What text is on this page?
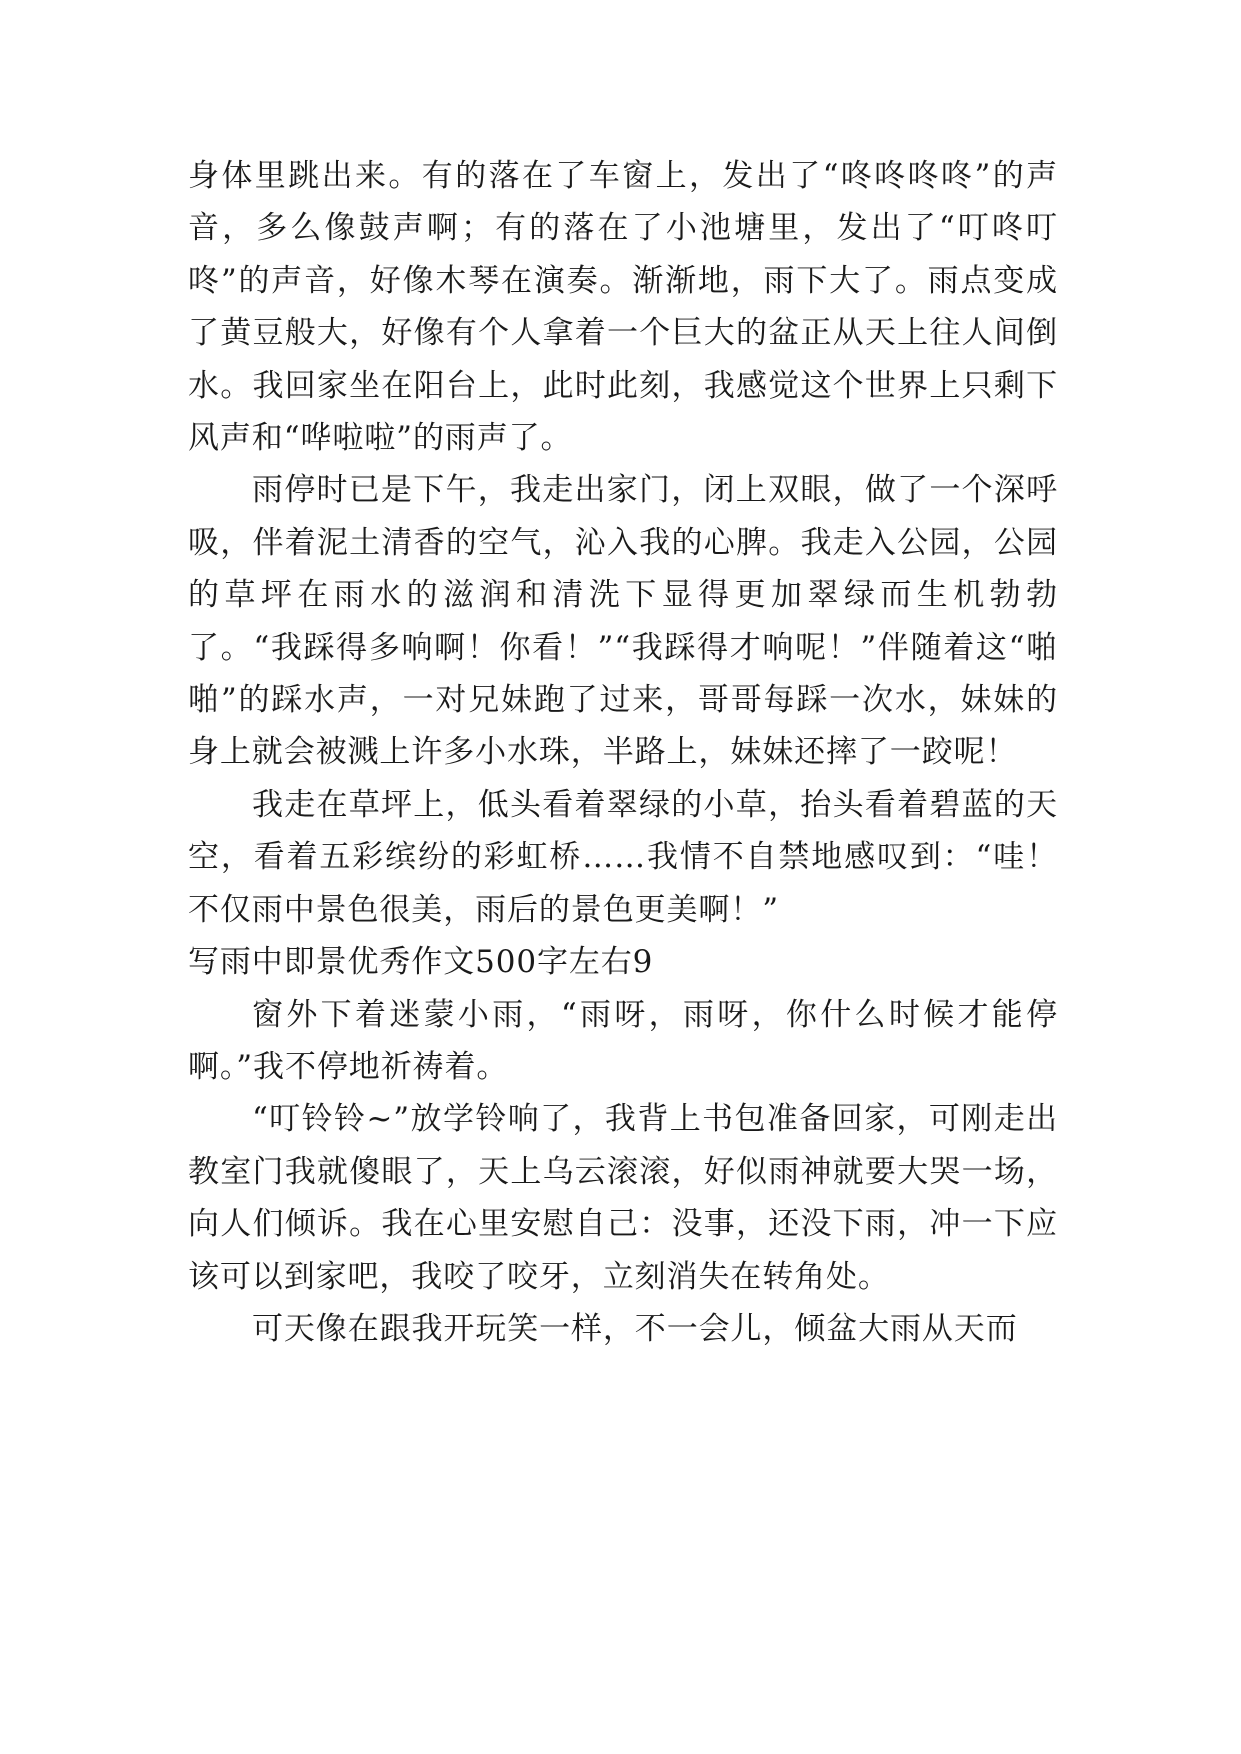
身体里跳出来。有的落在了车窗上，发出了“咚咚咚咚”的声音，多么像鼓声啊；有的落在了小池塘里，发出了“叮咚叮咚”的声音，好像木琴在演奏。渐渐地，雨下大了。雨点变成了黄豆般大，好像有个人拿着一个巨大的盆正从天上往人间倒水。我回家坐在阳台上，此时此刻，我感觉这个世界上只剩下风声和“哗啦啦”的雨声了。

雨停时已是下午，我走出家门，闭上双眼，做了一个深呼吸，伴着泥土清香的空气，沁入我的心脾。我走入公园，公园的草坪在雨水的滋润和清洗下显得更加翠绿而生机勃勃了。“我踩得多响啊！你看！”“我踩得才响呢！”伴随着这“啪啪”的踩水声，一对兄妹跑了过来，哥哥每踩一次水，妹妹的身上就会被溅上许多小水珠，半路上，妹妹还摔了一跤呢！

我走在草坪上，低头看着翠绿的小草，抬头看着碧蓝的天空，看着五彩缤纷的彩虹桥……我情不自禁地感叹到：“哇！不仅雨中景色很美，雨后的景色更美啊！”

写雨中即景优秀作文500字左右9

窗外下着迷蒙小雨，“雨呀，雨呀，你什么时候才能停啊。”我不停地祈祷着。

“叮铃铃~”放学铃响了，我背上书包准备回家，可刚走出教室门我就傻眼了，天上乌云滚滚，好似雨神就要大哭一场，向人们倾诉。我在心里安慰自己：没事，还没下雨，冲一下应该可以到家吧，我咬了咬牙，立刻消失在转角处。

可天像在跟我开玩笑一样，不一会儿，倾盆大雨从天而
